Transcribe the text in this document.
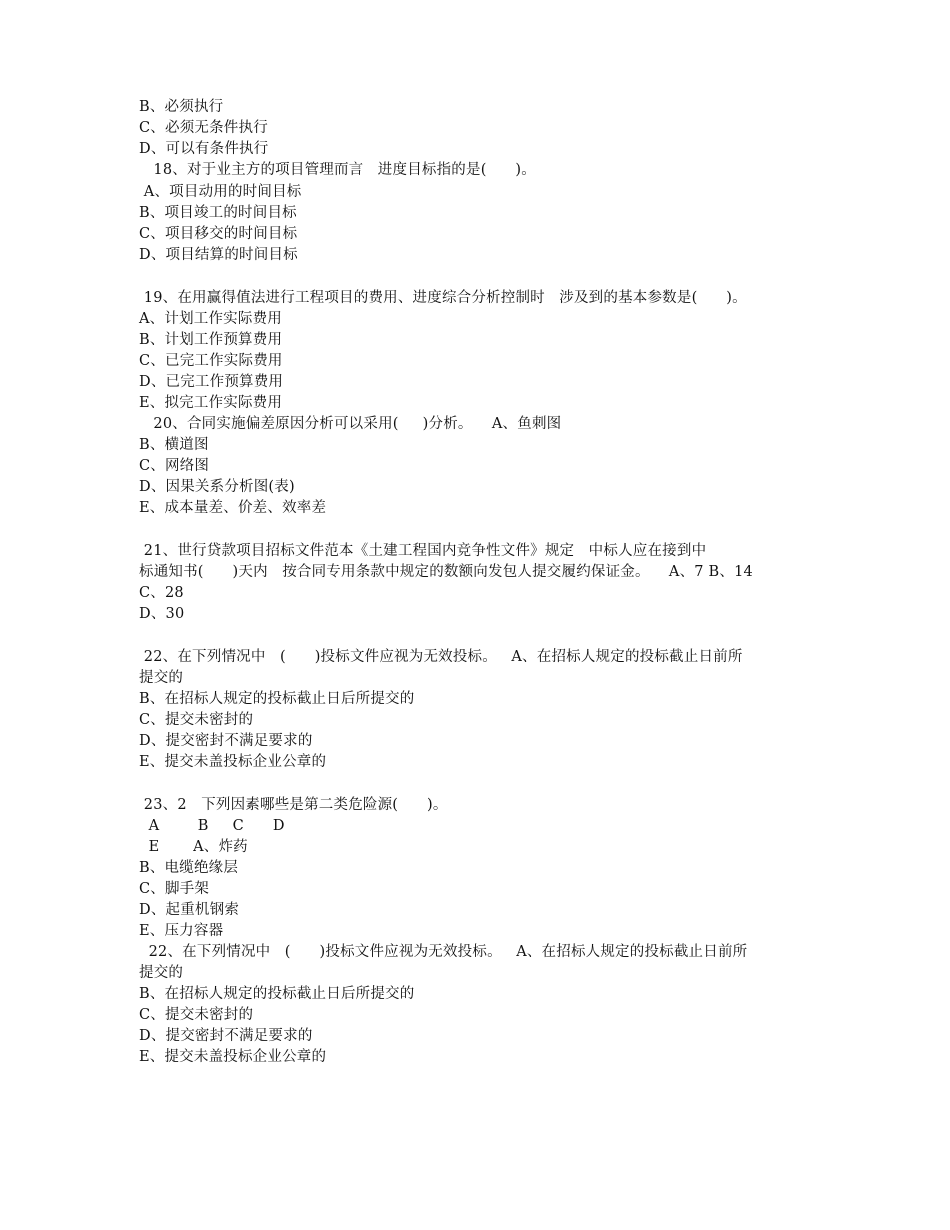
B、必须执行
C、必须无条件执行
D、可以有条件执行
18、对于业主方的项目管理而言   进度目标指的是(      )。
A、项目动用的时间目标
B、项目竣工的时间目标
C、项目移交的时间目标
D、项目结算的时间目标
19、在用赢得值法进行工程项目的费用、进度综合分析控制时   涉及到的基本参数是(      )。
A、计划工作实际费用
B、计划工作预算费用
C、已完工作实际费用
D、已完工作预算费用
E、拟完工作实际费用
20、合同实施偏差原因分析可以采用(     )分析。    A、鱼刺图
B、横道图
C、网络图
D、因果关系分析图(表)
E、成本量差、价差、效率差
21、世行贷款项目招标文件范本《土建工程国内竞争性文件》规定   中标人应在接到中
标通知书(      )天内   按合同专用条款中规定的数额向发包人提交履约保证金。    A、7 B、14
C、28
D、30
22、在下列情况中   (      )投标文件应视为无效投标。   A、在招标人规定的投标截止日前所
提交的
B、在招标人规定的投标截止日后所提交的
C、提交未密封的
D、提交密封不满足要求的
E、提交未盖投标企业公章的
23、2   下列因素哪些是第二类危险源(      )。
A        B     C      D
E       A、炸药
B、电缆绝缘层
C、脚手架
D、起重机钢索
E、压力容器
22、在下列情况中   (      )投标文件应视为无效投标。   A、在招标人规定的投标截止日前所
提交的
B、在招标人规定的投标截止日后所提交的
C、提交未密封的
D、提交密封不满足要求的
E、提交未盖投标企业公章的
